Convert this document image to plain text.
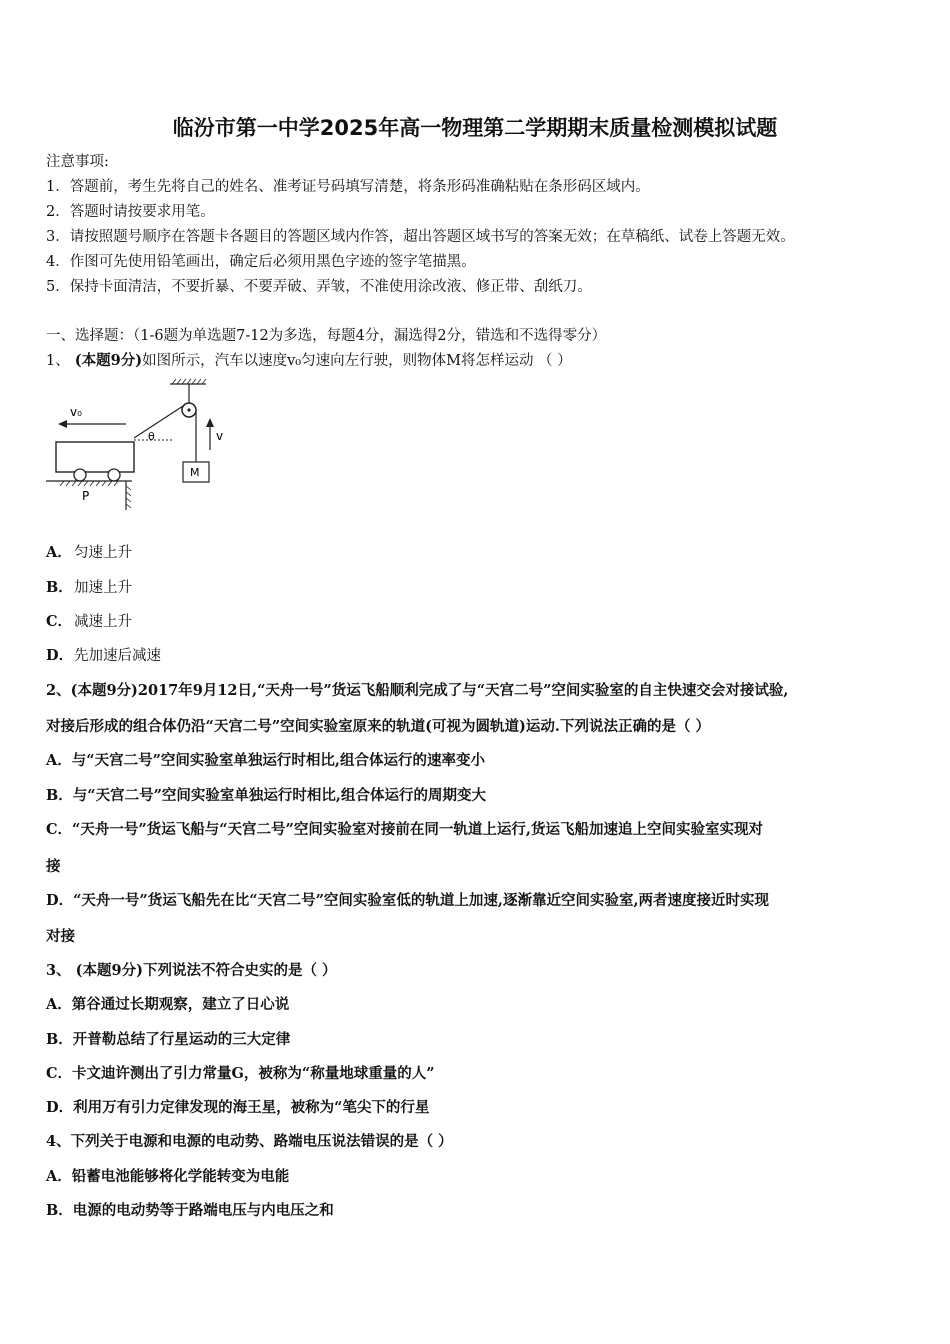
临汾市第一中学2025年高一物理第二学期期末质量检测模拟试题
注意事项:
1．答题前，考生先将自己的姓名、准考证号码填写清楚，将条形码准确粘贴在条形码区域内。
2．答题时请按要求用笔。
3．请按照题号顺序在答题卡各题目的答题区域内作答，超出答题区域书写的答案无效；在草稿纸、试卷上答题无效。
4．作图可先使用铅笔画出，确定后必须用黑色字迹的签字笔描黑。
5．保持卡面清洁，不要折暴、不要弄破、弄皱，不准使用涂改液、修正带、刮纸刀。
一、选择题：（1-6题为单选题7-12为多选，每题4分，漏选得2分，错选和不选得零分）
1、 (本题9分)如图所示，汽车以速度v₀匀速向左行驶，则物体M将怎样运动 （ ）
M
v
θ
v₀
P
A． 匀速上升
B．加速上升
C． 减速上升
D．先加速后减速
2、(本题9分)2017年9月12日,“天舟一号”货运飞船顺利完成了与“天宫二号”空间实验室的自主快速交会对接试验,
对接后形成的组合体仍沿“天宫二号”空间实验室原来的轨道(可视为圆轨道)运动.下列说法正确的是（ ）
A．与“天宫二号”空间实验室单独运行时相比,组合体运行的速率变小
B．与“天宫二号”空间实验室单独运行时相比,组合体运行的周期变大
C．“天舟一号”货运飞船与“天宫二号”空间实验室对接前在同一轨道上运行,货运飞船加速追上空间实验室实现对
接
D．“天舟一号”货运飞船先在比“天宫二号”空间实验室低的轨道上加速,逐渐靠近空间实验室,两者速度接近时实现
对接
3、 (本题9分)下列说法不符合史实的是（ ）
A．第谷通过长期观察，建立了日心说
B．开普勒总结了行星运动的三大定律
C．卡文迪许测出了引力常量G，被称为“称量地球重量的人”
D．利用万有引力定律发现的海王星，被称为“笔尖下的行星
4、下列关于电源和电源的电动势、路端电压说法错误的是（ ）
A．铅蓄电池能够将化学能转变为电能
B．电源的电动势等于路端电压与内电压之和
